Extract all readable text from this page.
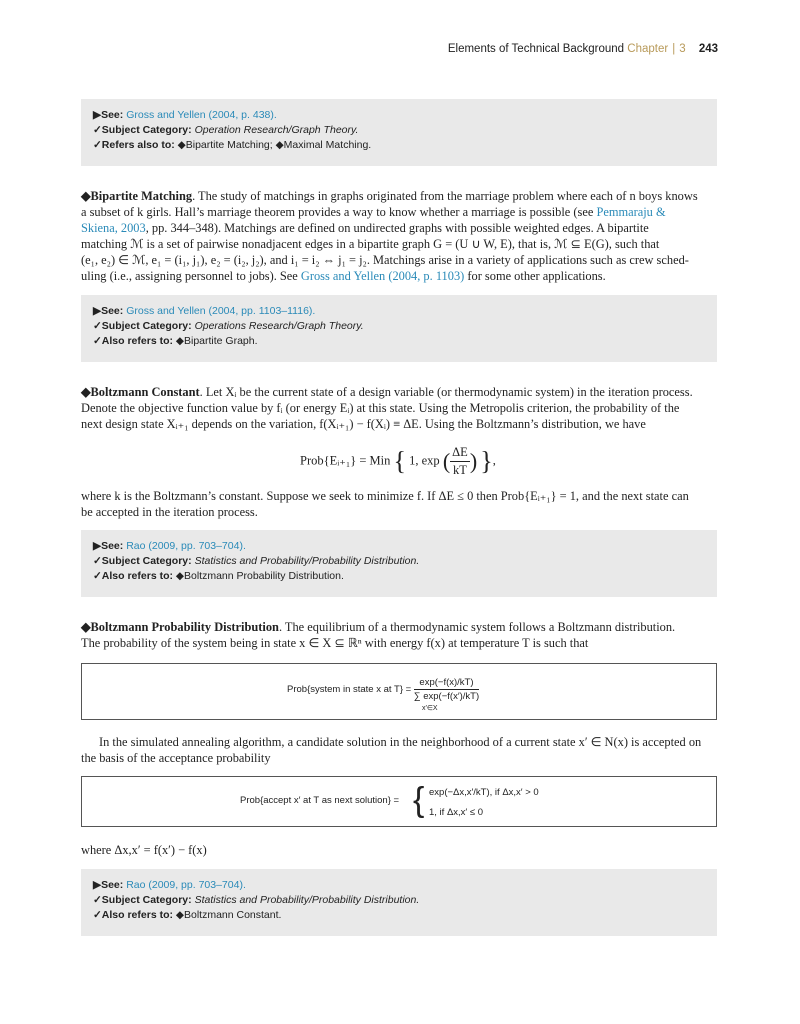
Elements of Technical Background Chapter | 3 243
▶See: Gross and Yellen (2004, p. 438).
✓Subject Category: Operation Research/Graph Theory.
✓Refers also to: ◆Bipartite Matching; ◆Maximal Matching.
◆Bipartite Matching. The study of matchings in graphs originated from the marriage problem where each of n boys knows
a subset of k girls. Hall’s marriage theorem provides a way to know whether a marriage is possible (see Pemmaraju &
Skiena, 2003, pp. 344–348). Matchings are defined on undirected graphs with possible weighted edges. A bipartite
matching ℳ is a set of pairwise nonadjacent edges in a bipartite graph G = (U ∪ W, E), that is, ℳ ⊆ E(G), such that
(e₁, e₂) ∈ ℳ, e₁ = (i₁, j₁), e₂ = (i₂, j₂), and i₁ = i₂ ⇔ j₁ = j₂. Matchings arise in a variety of applications such as crew sched-
uling (i.e., assigning personnel to jobs). See Gross and Yellen (2004, p. 1103) for some other applications.
▶See: Gross and Yellen (2004, pp. 1103–1116).
✓Subject Category: Operations Research/Graph Theory.
✓Also refers to: ◆Bipartite Graph.
◆Boltzmann Constant. Let Xᵢ be the current state of a design variable (or thermodynamic system) in the iteration process.
Denote the objective function value by fᵢ (or energy Eᵢ) at this state. Using the Metropolis criterion, the probability of the
next design state Xᵢ₊₁ depends on the variation, f(Xᵢ₊₁) − f(Xᵢ) ≡ ΔE. Using the Boltzmann’s distribution, we have
Prob{Eᵢ₊₁} = Min { 1, exp ( $\frac{\Delta E}{kT}$ ) },
where k is the Boltzmann’s constant. Suppose we seek to minimize f. If ΔE ≤ 0 then Prob{Eᵢ₊₁} = 1, and the next state can
be accepted in the iteration process.
▶See: Rao (2009, pp. 703–704).
✓Subject Category: Statistics and Probability/Probability Distribution.
✓Also refers to: ◆Boltzmann Probability Distribution.
◆Boltzmann Probability Distribution. The equilibrium of a thermodynamic system follows a Boltzmann distribution.
The probability of the system being in state x ∈ X ⊆ ℝⁿ with energy f(x) at temperature T is such that
Prob{system in state x at $T\} = \frac{\exp(-f(x)/kT)}{\sum \exp(-f(x')/kT)}$
x′∈X
In the simulated annealing algorithm, a candidate solution in the neighborhood of a current state x′ ∈ N(x) is accepted on
the basis of the acceptance probability
Prob{accept x′ at T as next solution} = { exp(−Δx,x′/kT), if Δx,x′ > 0
1, if Δx,x′ ≤ 0
where Δx,x′ = f(x′) − f(x)
▶See: Rao (2009, pp. 703–704).
✓Subject Category: Statistics and Probability/Probability Distribution.
✓Also refers to: ◆Boltzmann Constant.
